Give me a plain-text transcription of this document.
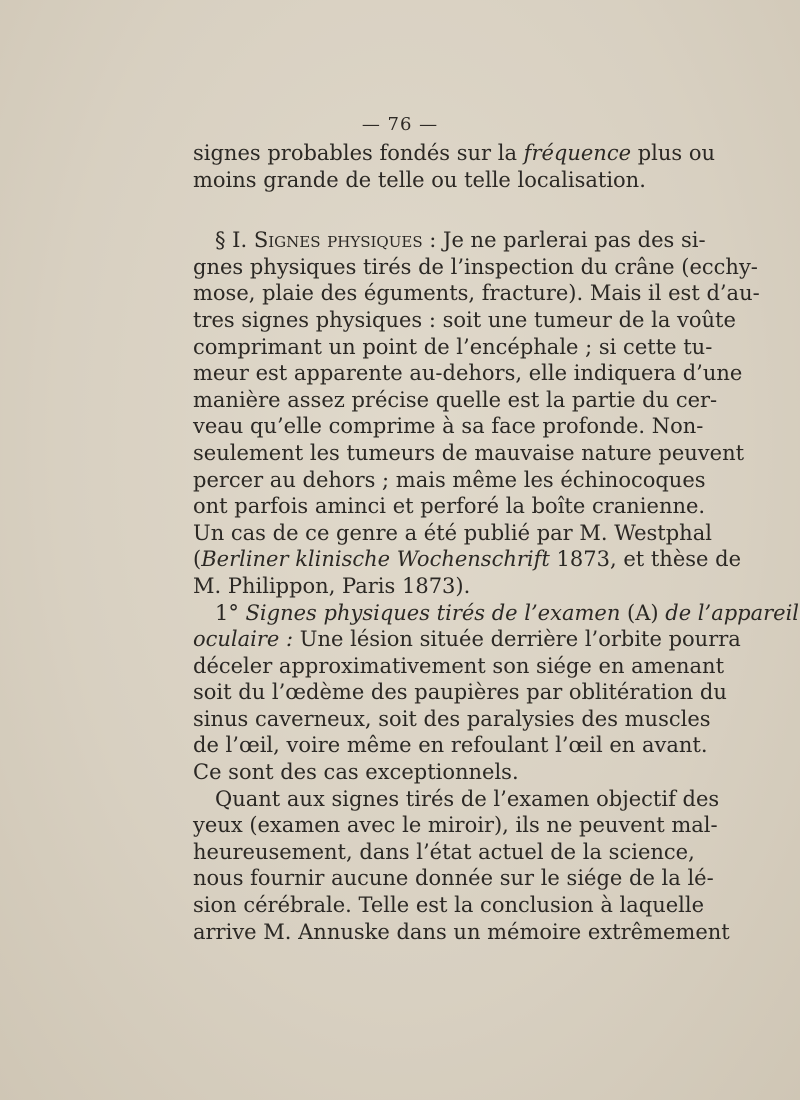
— 76 —
signes probables fondés sur la fréquence plus ou
moins grande de telle ou telle localisation.
§ I. Signes physiques : Je ne parlerai pas des si-
gnes physiques tirés de l’inspection du crâne (ecchy-
mose, plaie des éguments, fracture). Mais il est d’au-
tres signes physiques : soit une tumeur de la voûte
comprimant un point de l’encéphale ; si cette tu-
meur est apparente au-dehors, elle indiquera d’une
manière assez précise quelle est la partie du cer-
veau qu’elle comprime à sa face profonde. Non-
seulement les tumeurs de mauvaise nature peuvent
percer au dehors ; mais même les échinocoques
ont parfois aminci et perforé la boîte cranienne.
Un cas de ce genre a été publié par M. Westphal
(Berliner klinische Wochenschrift 1873, et thèse de
M. Philippon, Paris 1873).
1° Signes physiques tirés de l’examen (A) de l’appareil
oculaire : Une lésion située derrière l’orbite pourra
déceler approximativement son siége en amenant
soit du l’œdème des paupières par oblitération du
sinus caverneux, soit des paralysies des muscles
de l’œil, voire même en refoulant l’œil en avant.
Ce sont des cas exceptionnels.
Quant aux signes tirés de l’examen objectif des
yeux (examen avec le miroir), ils ne peuvent mal-
heureusement, dans l’état actuel de la science,
nous fournir aucune donnée sur le siége de la lé-
sion cérébrale. Telle est la conclusion à laquelle
arrive M. Annuske dans un mémoire extrêmement
